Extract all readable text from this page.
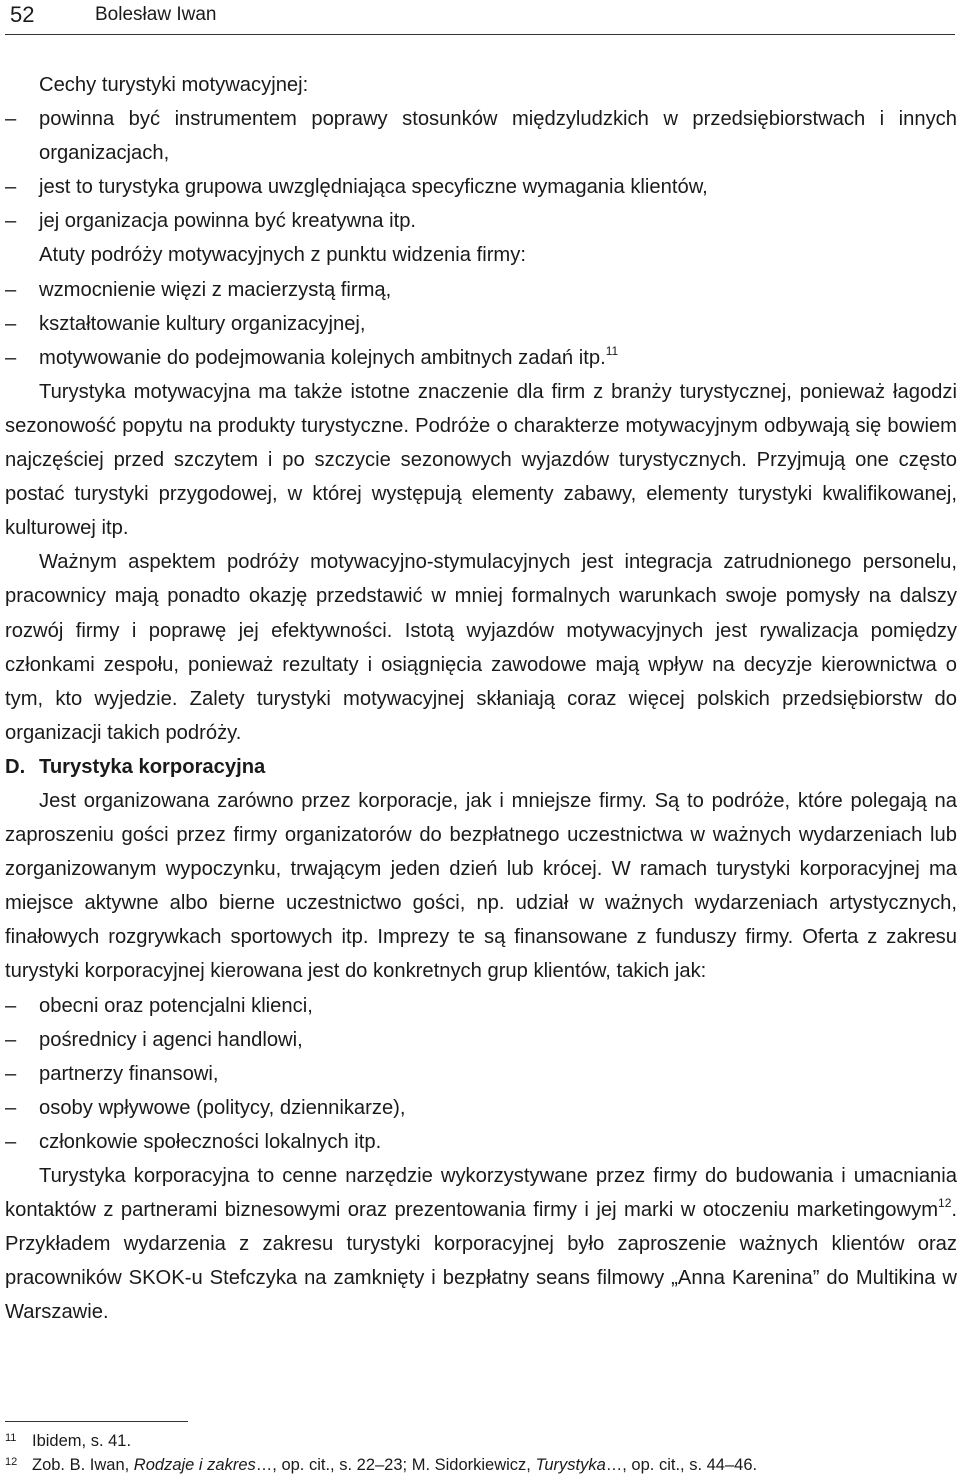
52	Bolesław Iwan

Cechy turystyki motywacyjnej:

– powinna być instrumentem poprawy stosunków międzyludzkich w przedsiębiorstwach i innych organizacjach,

– jest to turystyka grupowa uwzględniająca specyficzne wymagania klientów,

– jej organizacja powinna być kreatywna itp.

Atuty podróży motywacyjnych z punktu widzenia firmy:

– wzmocnienie więzi z macierzystą firmą,

– kształtowanie kultury organizacyjnej,

– motywowanie do podejmowania kolejnych ambitnych zadań itp.$^{11}$

Turystyka motywacyjna ma także istotne znaczenie dla firm z branży turystycznej, ponieważ łagodzi sezonowość popytu na produkty turystyczne. Podróże o charakterze motywacyjnym odbywają się bowiem najczęściej przed szczytem i po szczycie sezonowych wyjazdów turystycznych. Przyjmują one często postać turystyki przygodowej, w której występują elementy zabawy, elementy turystyki kwalifikowanej, kulturowej itp.

Ważnym aspektem podróży motywacyjno-stymulacyjnych jest integracja zatrudnionego personelu, pracownicy mają ponadto okazję przedstawić w mniej formalnych warunkach swoje pomysły na dalszy rozwój firmy i poprawę jej efektywności. Istotą wyjazdów motywacyjnych jest rywalizacja pomiędzy członkami zespołu, ponieważ rezultaty i osiągnięcia zawodowe mają wpływ na decyzje kierownictwa o tym, kto wyjedzie. Zalety turystyki motywacyjnej skłaniają coraz więcej polskich przedsiębiorstw do organizacji takich podróży.

D. Turystyka korporacyjna

Jest organizowana zarówno przez korporacje, jak i mniejsze firmy. Są to podróże, które polegają na zaproszeniu gości przez firmy organizatorów do bezpłatnego uczestnictwa w ważnych wydarzeniach lub zorganizowanym wypoczynku, trwającym jeden dzień lub krócej. W ramach turystyki korporacyjnej ma miejsce aktywne albo bierne uczestnictwo gości, np. udział w ważnych wydarzeniach artystycznych, finałowych rozgrywkach sportowych itp. Imprezy te są finansowane z funduszy firmy. Oferta z zakresu turystyki korporacyjnej kierowana jest do konkretnych grup klientów, takich jak:

– obecni oraz potencjalni klienci,

– pośrednicy i agenci handlowi,

– partnerzy finansowi,

– osoby wpływowe (politycy, dziennikarze),

– członkowie społeczności lokalnych itp.

Turystyka korporacyjna to cenne narzędzie wykorzystywane przez firmy do budowania i umacniania kontaktów z partnerami biznesowymi oraz prezentowania firmy i jej marki w otoczeniu marketingowym$^{12}$. Przykładem wydarzenia z zakresu turystyki korporacyjnej było zaproszenie ważnych klientów oraz pracowników SKOK-u Stefczyka na zamknięty i bezpłatny seans filmowy „Anna Karenina” do Multikina w Warszawie.

11 Ibidem, s. 41.

12 Zob. B. Iwan, Rodzaje i zakres…, op. cit., s. 22–23; M. Sidorkiewicz, Turystyka…, op. cit., s. 44–46.
